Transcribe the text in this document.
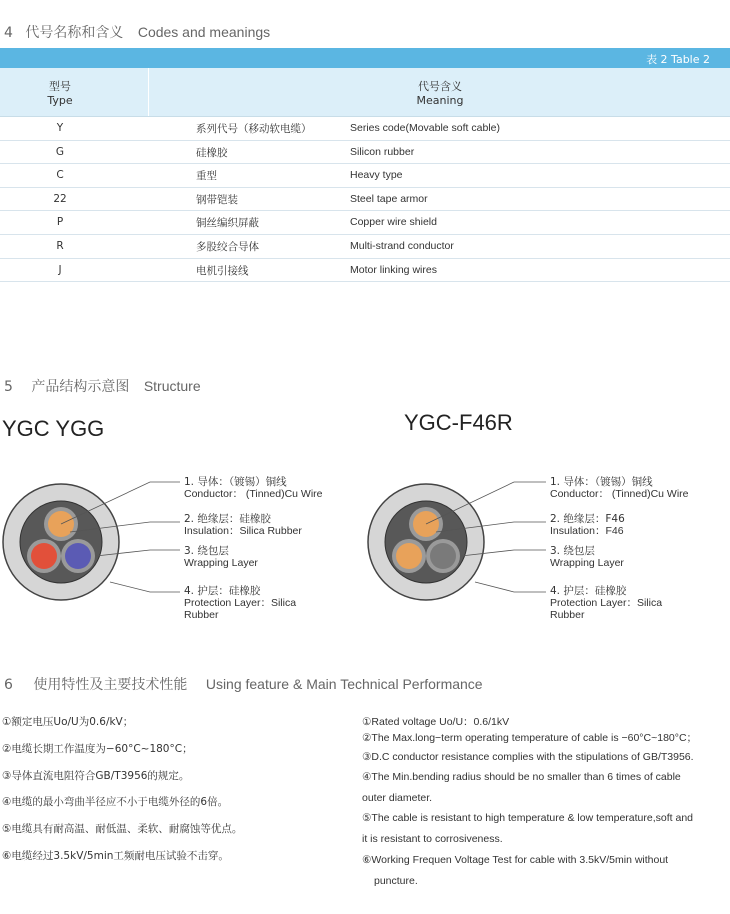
4 代号名称和含义 Codes and meanings
表 2 Table 2
型号
Type
代号含义
Meaning
Y	系列代号（移动软电缆）	Series code(Movable soft cable)
G	硅橡胶	Silicon rubber
C	重型	Heavy type
22	钢带铠装	Steel tape armor
P	铜丝编织屏蔽	Copper wire shield
R	多股绞合导体	Multi-strand conductor
J	电机引接线	Motor linking wires
5 产品结构示意图 Structure
YGC YGG	YGC-F46R
1. 导体：（镀锡）铜线
Conductor： (Tinned)Cu Wire
2. 绝缘层：硅橡胶
Insulation：Silica Rubber
3. 绕包层
Wrapping Layer
4. 护层：硅橡胶
Protection Layer：Silica
Rubber
1. 导体：（镀锡）铜线
Conductor： (Tinned)Cu Wire
2. 绝缘层：F46
Insulation：F46
3. 绕包层
Wrapping Layer
4. 护层：硅橡胶
Protection Layer：Silica
Rubber
6 使用特性及主要技术性能 Using feature & Main Technical Performance
①额定电压Uo/U为0.6/kV；
②电缆长期工作温度为−60°C~180°C；
③导体直流电阻符合GB/T3956的规定。
④电缆的最小弯曲半径应不小于电缆外径的6倍。
⑤电缆具有耐高温、耐低温、柔软、耐腐蚀等优点。
⑥电缆经过3.5kV/5min工频耐电压试验不击穿。
①Rated voltage Uo/U：0.6/1kV
②The Max.long−term operating temperature of cable is −60°C~180°C；
③D.C conductor resistance complies with the stipulations of GB/T3956.
④The Min.bending radius should be no smaller than 6 times of cable
outer diameter.
⑤The cable is resistant to high temperature & low temperature,soft and
it is resistant to corrosiveness.
⑥Working Frequen Voltage Test for cable with 3.5kV/5min without
puncture.
